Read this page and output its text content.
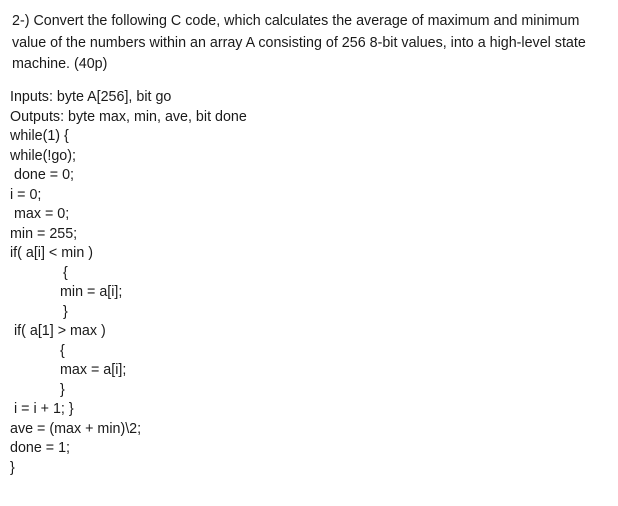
2-) Convert the following C code, which calculates the average of maximum and minimum value of the numbers within an array A consisting of 256 8-bit values, into a high-level state machine. (40p)

Inputs: byte A[256], bit go
Outputs: byte max, min, ave, bit done
while(1) {
while(!go);
done = 0;
i = 0;
max = 0;
min = 255;
if( a[i] < min )
{
min = a[i];
}
if( a[1] > max )
{
max = a[i];
}
i = i + 1; }
ave = (max + min)\2;
done = 1;
}
